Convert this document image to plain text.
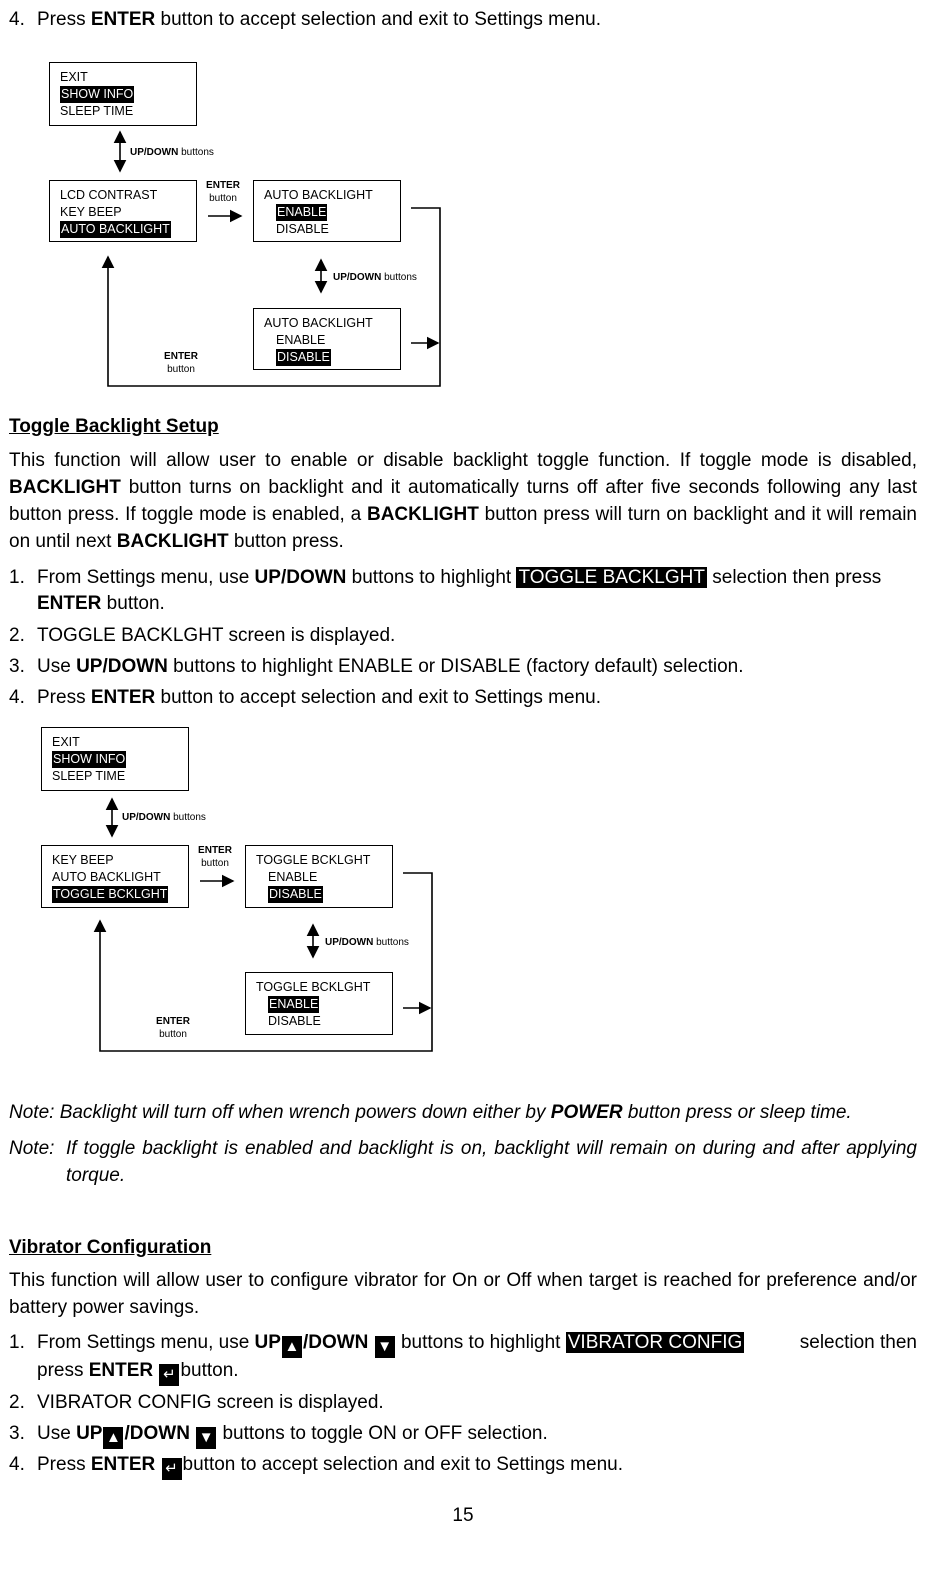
4. Press ENTER button to accept selection and exit to Settings menu.
EXIT
SHOW INFO
SLEEP TIME
UP/DOWN buttons
LCD CONTRAST
KEY BEEP
AUTO BACKLIGHT
ENTER
button	AUTO BACKLIGHT
ENABLE
DISABLE
UP/DOWN buttons
AUTO BACKLIGHT
ENABLE
DISABLE
ENTER
button
Toggle Backlight Setup
This function will allow user to enable or disable backlight toggle function. If toggle mode is disabled, BACKLIGHT button turns on backlight and it automatically turns off after five seconds following any last button press. If toggle mode is enabled, a BACKLIGHT button press will turn on backlight and it will remain on until next BACKLIGHT button press.
1. From Settings menu, use UP/DOWN buttons to highlight TOGGLE BACKLGHT selection then press
ENTER button.
2. TOGGLE BACKLGHT screen is displayed.
3. Use UP/DOWN buttons to highlight ENABLE or DISABLE (factory default) selection.
4. Press ENTER button to accept selection and exit to Settings menu.
EXIT
SHOW INFO
SLEEP TIME
UP/DOWN buttons
KEY BEEP
AUTO BACKLIGHT
TOGGLE BCKLGHT
ENTER
button	TOGGLE BCKLGHT
ENABLE
DISABLE
UP/DOWN buttons
TOGGLE BCKLGHT
ENABLE
DISABLE
ENTER
button
Note: Backlight will turn off when wrench powers down either by POWER button press or sleep time.
Note: If toggle backlight is enabled and backlight is on, backlight will remain on during and after applying torque.
Vibrator Configuration
This function will allow user to configure vibrator for On or Off when target is reached for preference and/or battery power savings.
1. From Settings menu, use UP ▲ /DOWN ▼ buttons to highlight VIBRATOR CONFIG	selection then
press ENTER ↵ button.
2. VIBRATOR CONFIG screen is displayed.
3. Use UP ▲ /DOWN ▼ buttons to toggle ON or OFF selection.
4. Press ENTER ↵ button to accept selection and exit to Settings menu.
15
